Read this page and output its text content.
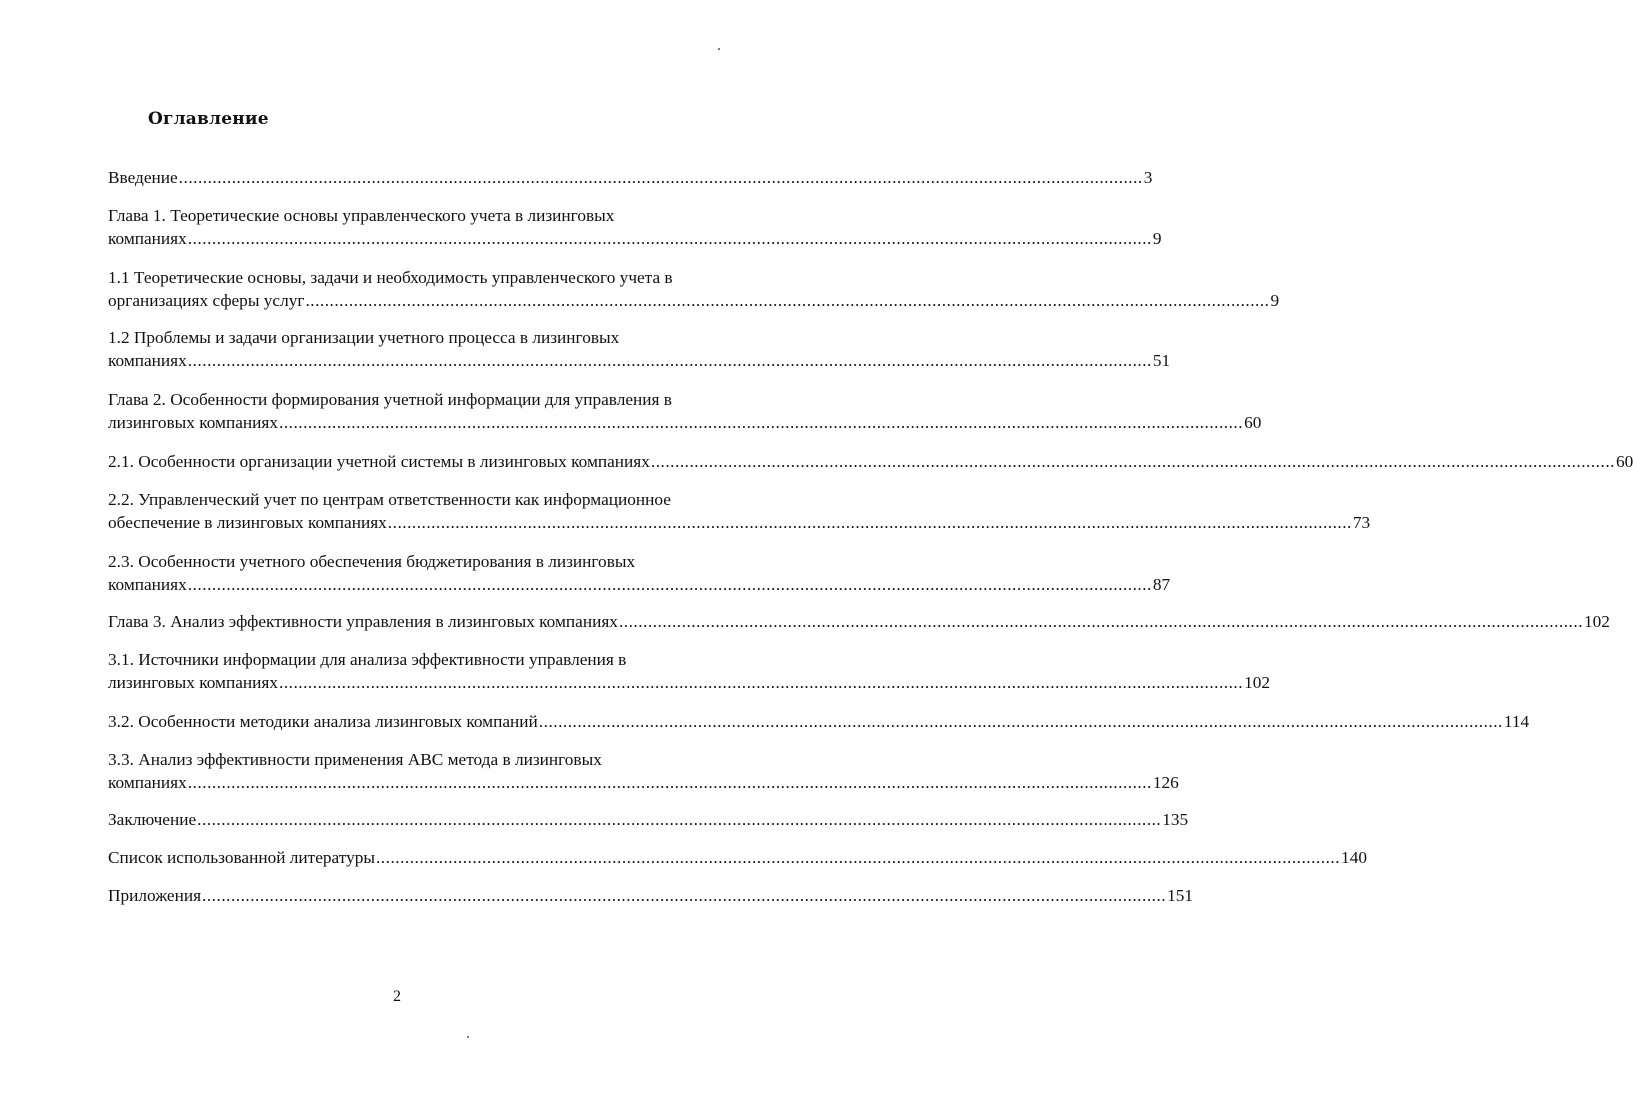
Оглавление
Введение ........................................................................................................................................................................................................ 3
Глава 1. Теоретические основы управленческого учета в лизинговых
компаниях ........................................................................................................................................................................................................ 9
1.1 Теоретические основы, задачи и необходимость управленческого учета в
организациях сферы услуг ........................................................................................................................................................................................................ 9
1.2 Проблемы и задачи организации учетного процесса в лизинговых
компаниях ........................................................................................................................................................................................................ 51
Глава 2. Особенности формирования учетной информации для управления в
лизинговых компаниях ........................................................................................................................................................................................................ 60
2.1. Особенности организации учетной системы в лизинговых компаниях ........................................................................................................................................................................................................ 60
2.2. Управленческий учет по центрам ответственности как информационное
обеспечение в лизинговых компаниях ........................................................................................................................................................................................................ 73
2.3. Особенности учетного обеспечения бюджетирования в лизинговых
компаниях ........................................................................................................................................................................................................ 87
Глава 3. Анализ эффективности управления в лизинговых компаниях ........................................................................................................................................................................................................ 102
3.1. Источники информации для анализа эффективности управления в
лизинговых компаниях ........................................................................................................................................................................................................ 102
3.2. Особенности методики анализа лизинговых компаний ........................................................................................................................................................................................................ 114
3.3. Анализ эффективности применения АВС метода в лизинговых
компаниях ........................................................................................................................................................................................................ 126
Заключение ........................................................................................................................................................................................................ 135
Список использованной литературы ........................................................................................................................................................................................................ 140
Приложения ........................................................................................................................................................................................................ 151
2
